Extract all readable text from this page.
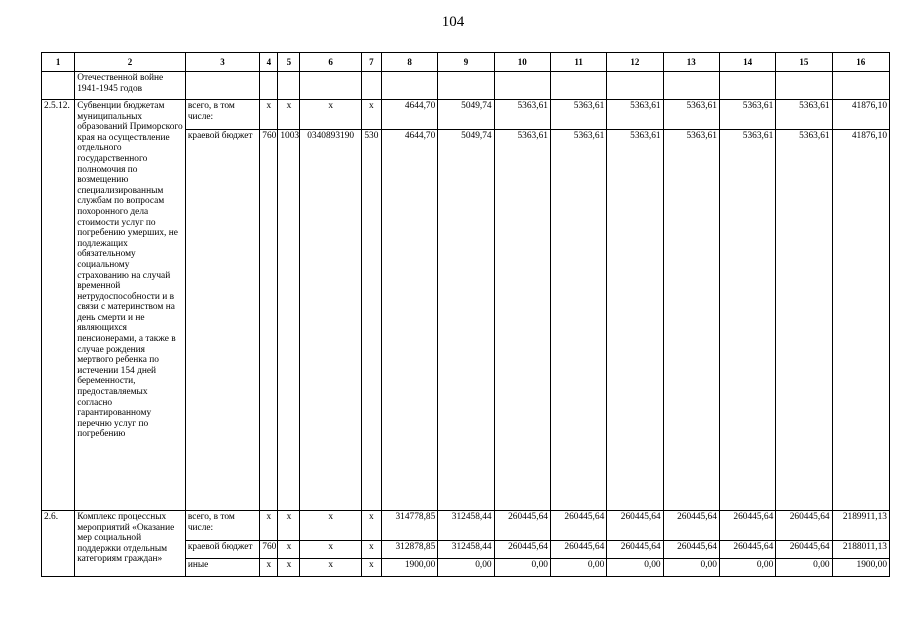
104
1	2	3	4	5	6	7	8	9	10	11	12	13	14	15	16
	Отечественной войне 1941-1945 годов														
2.5.12.	Субвенции бюджетам муниципальных образований Приморского края на осуществление отдельного государственного полномочия по возмещению специализированным службам по вопросам похоронного дела стоимости услуг по погребению умерших, не подлежащих обязательному социальному страхованию на случай временной нетрудоспособности и в связи с материнством на день смерти и не являющихся пенсионерами, а также в случае рождения мертвого ребенка по истечении 154 дней беременности, предоставляемых согласно гарантированному перечню услуг по погребению	всего, в том числе:	x	x	x	x	4644,70	5049,74	5363,61	5363,61	5363,61	5363,61	5363,61	5363,61	41876,10
		краевой бюджет	760	1003	0340893190	530	4644,70	5049,74	5363,61	5363,61	5363,61	5363,61	5363,61	5363,61	41876,10
2.6.	Комплекс процессных мероприятий «Оказание мер социальной поддержки отдельным категориям граждан»	всего, в том числе:	x	x	x	x	314778,85	312458,44	260445,64	260445,64	260445,64	260445,64	260445,64	260445,64	2189911,13
		краевой бюджет	760	x	x	x	312878,85	312458,44	260445,64	260445,64	260445,64	260445,64	260445,64	260445,64	2188011,13
		иные	x	x	x	x	1900,00	0,00	0,00	0,00	0,00	0,00	0,00	0,00	1900,00
